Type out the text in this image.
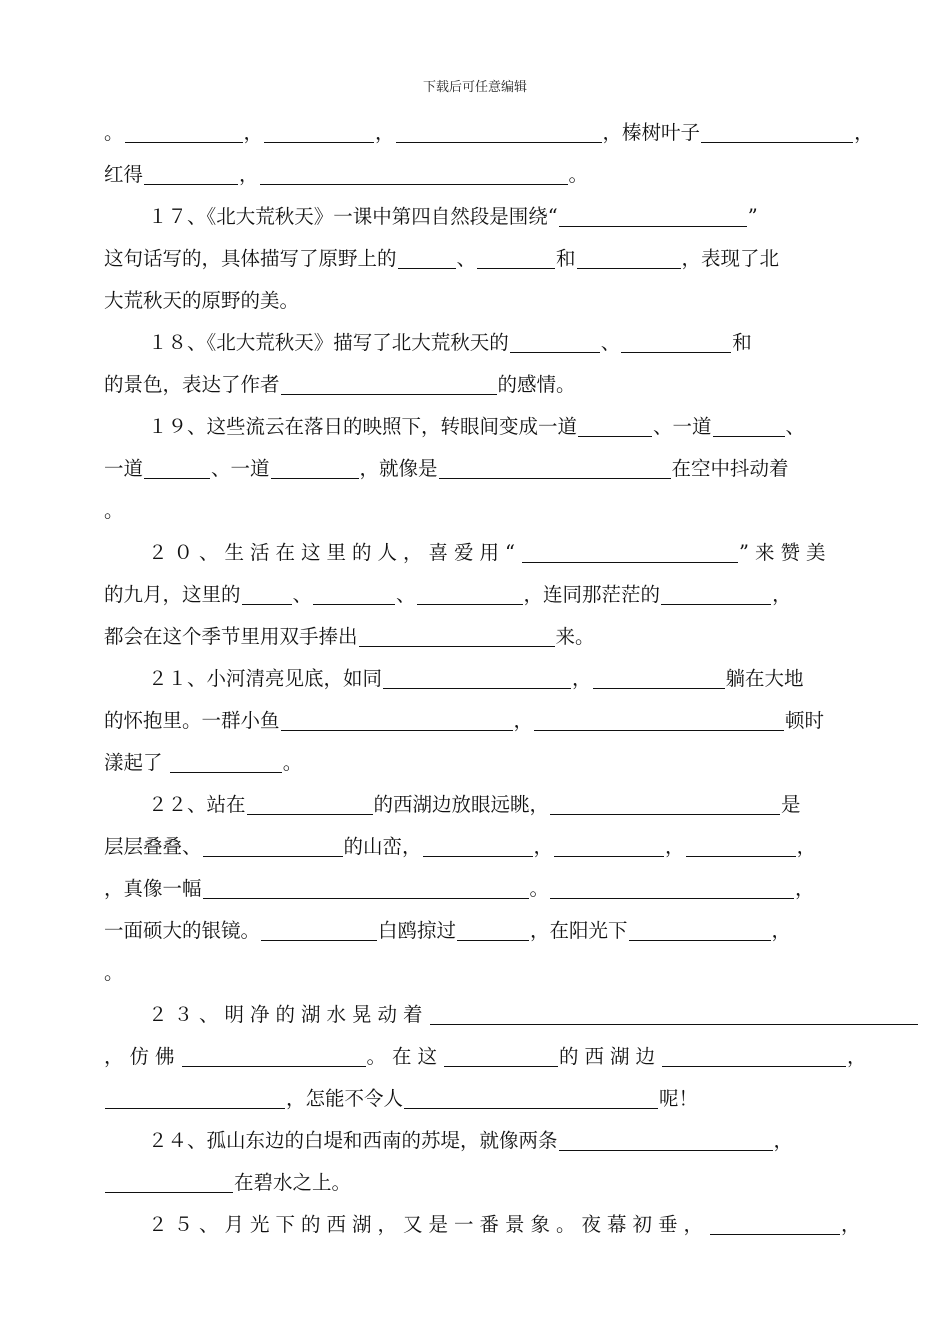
下载后可任意编辑
。	，	，	，榛树叶子	，
红得	，	。
１７、《北大荒秋天》一课中第四自然段是围绕“	”
这句话写的，具体描写了原野上的	、	和	，表现了北
大荒秋天的原野的美。
１８、《北大荒秋天》描写了北大荒秋天的	、	和
的景色，表达了作者	的感情。
１９、这些流云在落日的映照下，转眼间变成一道	、一道	、
一道	、一道	，就像是	在空中抖动着
。
２０、生活在这里的人，喜爱用“	”来赞美
的九月，这里的	、	、	，连同那茫茫的	，
都会在这个季节里用双手捧出	来。
２１、小河清亮见底，如同	，	躺在大地
的怀抱里。一群小鱼	，	顿时
漾起了	。
２２、站在	的西湖边放眼远眺，	是
层层叠叠、	的山峦，	，	，	，
，真像一幅	。	，
一面硕大的银镜。	白鸥掠过	，在阳光下	，
。
２３、明净的湖水晃动着
，仿佛	。在这	的西湖边	，
，怎能不令人	呢！
２４、孤山东边的白堤和西南的苏堤，就像两条	，
在碧水之上。
２５、月光下的西湖，又是一番景象。夜幕初垂，	，
